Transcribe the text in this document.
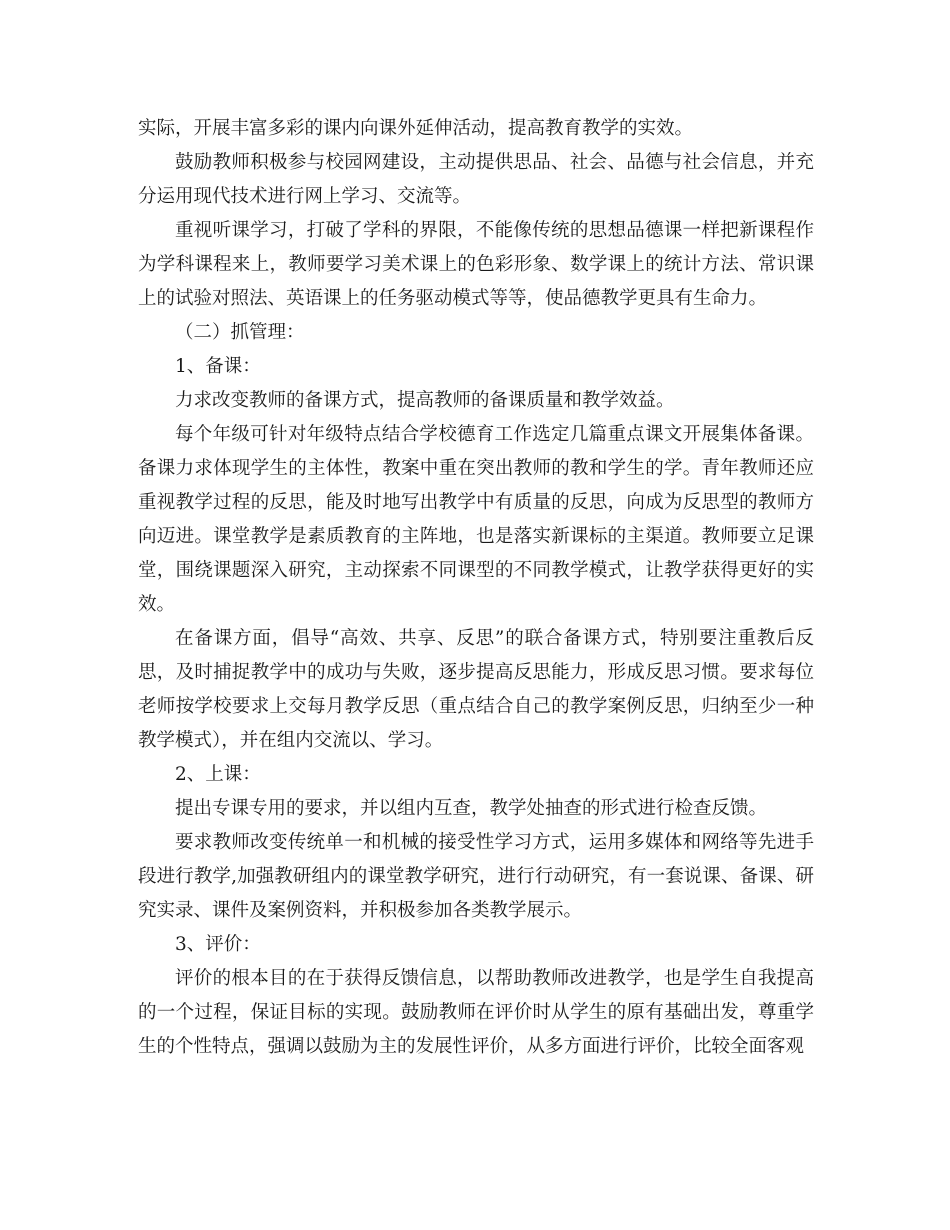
实际，开展丰富多彩的课内向课外延伸活动，提高教育教学的实效。

鼓励教师积极参与校园网建设，主动提供思品、社会、品德与社会信息，并充分运用现代技术进行网上学习、交流等。

重视听课学习，打破了学科的界限，不能像传统的思想品德课一样把新课程作为学科课程来上，教师要学习美术课上的色彩形象、数学课上的统计方法、常识课上的试验对照法、英语课上的任务驱动模式等等，使品德教学更具有生命力。

（二）抓管理：

1、备课：

力求改变教师的备课方式，提高教师的备课质量和教学效益。

每个年级可针对年级特点结合学校德育工作选定几篇重点课文开展集体备课。备课力求体现学生的主体性，教案中重在突出教师的教和学生的学。青年教师还应重视教学过程的反思，能及时地写出教学中有质量的反思，向成为反思型的教师方向迈进。课堂教学是素质教育的主阵地，也是落实新课标的主渠道。教师要立足课堂，围绕课题深入研究，主动探索不同课型的不同教学模式，让教学获得更好的实效。

在备课方面，倡导“高效、共享、反思”的联合备课方式，特别要注重教后反思，及时捕捉教学中的成功与失败，逐步提高反思能力，形成反思习惯。要求每位老师按学校要求上交每月教学反思（重点结合自己的教学案例反思，归纳至少一种教学模式），并在组内交流以、学习。

2、上课：

提出专课专用的要求，并以组内互查，教学处抽查的形式进行检查反馈。

要求教师改变传统单一和机械的接受性学习方式，运用多媒体和网络等先进手段进行教学,加强教研组内的课堂教学研究，进行行动研究，有一套说课、备课、研究实录、课件及案例资料，并积极参加各类教学展示。

3、评价：

评价的根本目的在于获得反馈信息，以帮助教师改进教学，也是学生自我提高的一个过程，保证目标的实现。鼓励教师在评价时从学生的原有基础出发，尊重学生的个性特点，强调以鼓励为主的发展性评价，从多方面进行评价，比较全面客观
